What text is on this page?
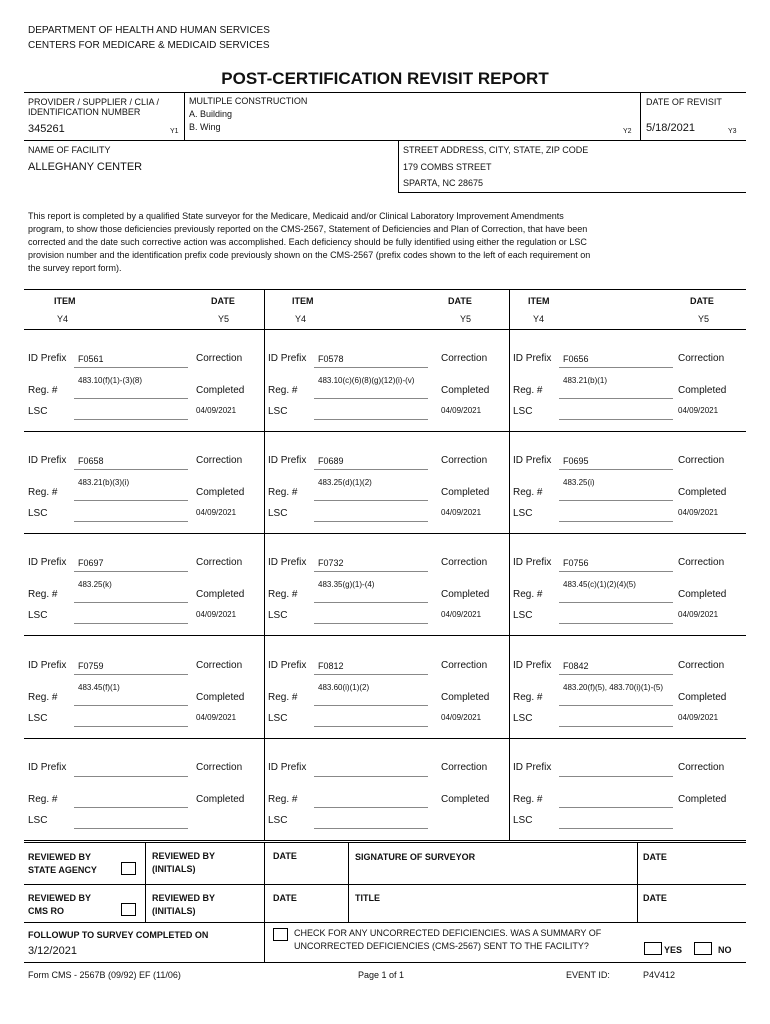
DEPARTMENT OF HEALTH AND HUMAN SERVICES
CENTERS FOR MEDICARE & MEDICAID SERVICES
POST-CERTIFICATION REVISIT REPORT
PROVIDER / SUPPLIER / CLIA /
IDENTIFICATION NUMBER
345261	Y1
MULTIPLE CONSTRUCTION
A. Building
B. Wing	Y2
DATE OF REVISIT
5/18/2021	Y3
NAME OF FACILITY
ALLEGHANY CENTER
STREET ADDRESS, CITY, STATE, ZIP CODE
179 COMBS STREET
SPARTA, NC 28675
This report is completed by a qualified State surveyor for the Medicare, Medicaid and/or Clinical Laboratory Improvement Amendments
program, to show those deficiencies previously reported on the CMS-2567, Statement of Deficiencies and Plan of Correction, that have been
corrected and the date such corrective action was accomplished. Each deficiency should be fully identified using either the regulation or LSC
provision number and the identification prefix code previously shown on the CMS-2567 (prefix codes shown to the left of each requirement on
the survey report form).
ITEM	DATE
Y4	Y5
ITEM	DATE
Y4	Y5
ITEM	DATE
Y4	Y5
ID Prefix F0561	Correction
Reg. #
483.10(f)(1)-(3)(8)
Completed
LSC	04/09/2021
ID Prefix F0578	Correction
Reg. #
483.10(c)(6)(8)(g)(12)(i)-(v)
Completed
LSC	04/09/2021
ID Prefix F0656	Correction
Reg. #
483.21(b)(1)
Completed
LSC	04/09/2021
ID Prefix F0658	Correction
Reg. #
483.21(b)(3)(i)
Completed
LSC	04/09/2021
ID Prefix F0689	Correction
Reg. #
483.25(d)(1)(2)
Completed
LSC	04/09/2021
ID Prefix F0695	Correction
Reg. #
483.25(i)
Completed
LSC	04/09/2021
ID Prefix F0697	Correction
Reg. #
483.25(k)
Completed
LSC	04/09/2021
ID Prefix F0732	Correction
Reg. #
483.35(g)(1)-(4)
Completed
LSC	04/09/2021
ID Prefix F0756	Correction
Reg. #
483.45(c)(1)(2)(4)(5)
Completed
LSC	04/09/2021
ID Prefix F0759	Correction
Reg. #
483.45(f)(1)
Completed
LSC	04/09/2021
ID Prefix F0812	Correction
Reg. #
483.60(i)(1)(2)
Completed
LSC	04/09/2021
ID Prefix F0842	Correction
Reg. #
483.20(f)(5), 483.70(i)(1)-(5)
Completed
LSC	04/09/2021
ID Prefix	Correction
Reg. #	Completed
LSC
ID Prefix	Correction
Reg. #	Completed
LSC
ID Prefix	Correction
Reg. #	Completed
LSC
REVIEWED BY
STATE AGENCY
REVIEWED BY
(INITIALS)
DATE	SIGNATURE OF SURVEYOR	DATE
REVIEWED BY
CMS RO
REVIEWED BY
(INITIALS)
DATE	TITLE	DATE
FOLLOWUP TO SURVEY COMPLETED ON
3/12/2021
CHECK FOR ANY UNCORRECTED DEFICIENCIES. WAS A SUMMARY OF
UNCORRECTED DEFICIENCIES (CMS-2567) SENT TO THE FACILITY?	YES	NO
Form CMS - 2567B (09/92) EF (11/06)	Page 1 of 1	EVENT ID:	P4V412
